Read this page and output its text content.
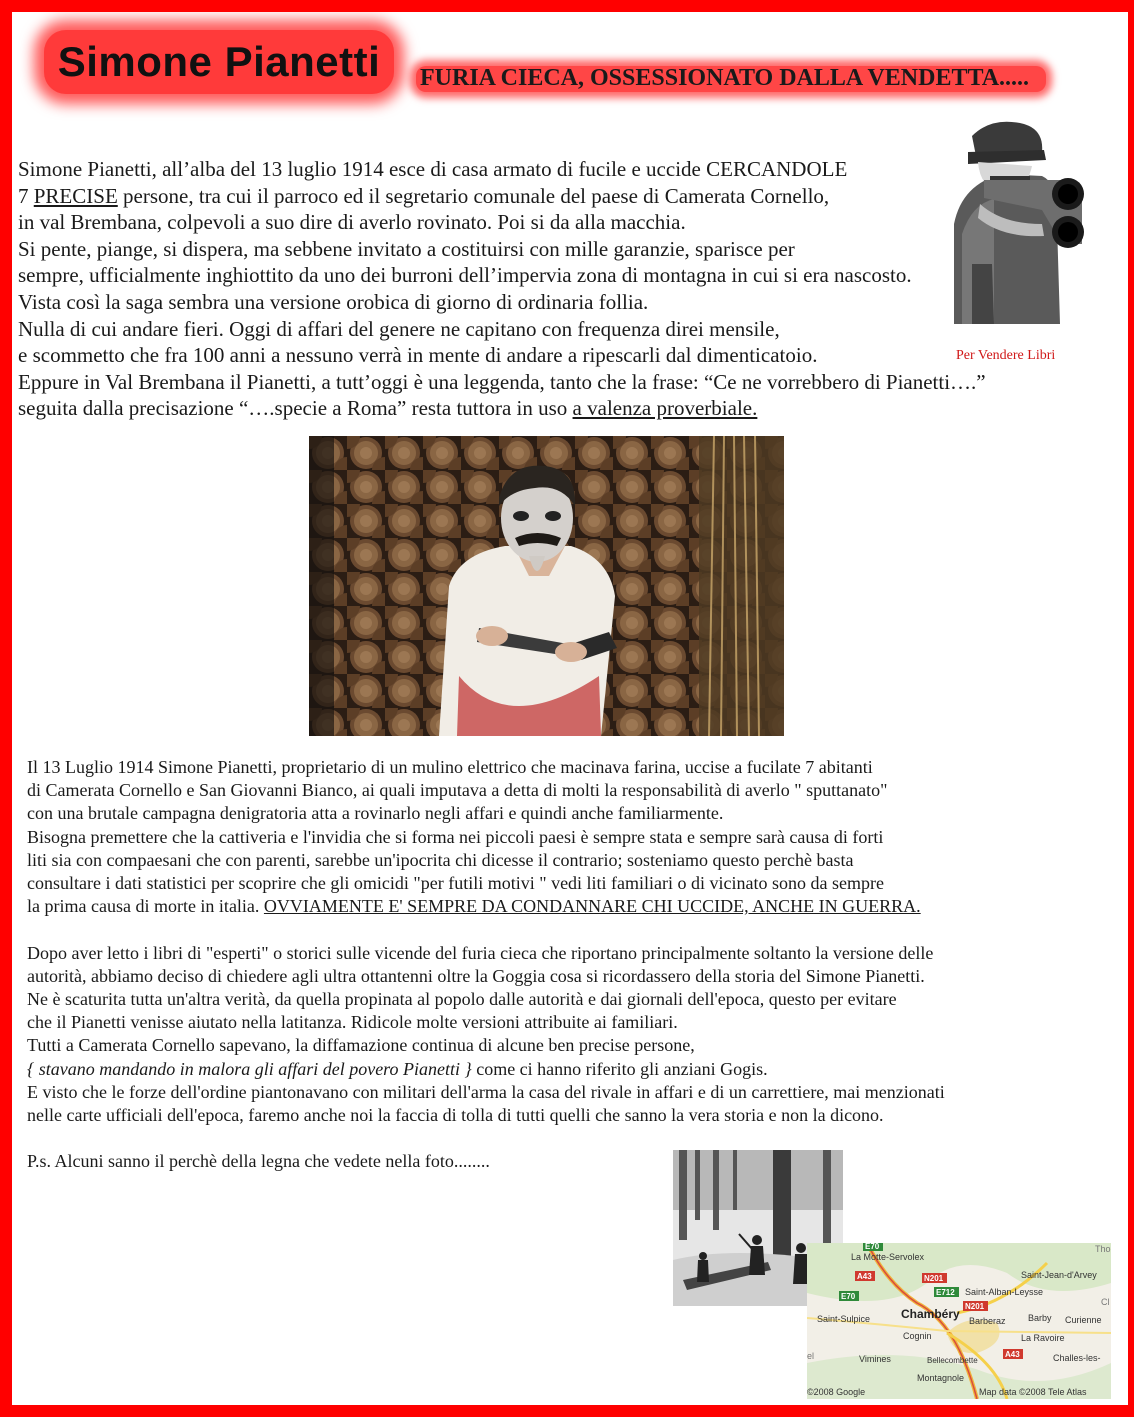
Simone Pianetti FURIA CIECA, OSSESSIONATO DALLA VENDETTA.....
Simone Pianetti, all’alba del 13 luglio 1914 esce di casa armato di fucile e uccide CERCANDOLE
7 PRECISE persone, tra cui il parroco ed il segretario comunale del paese di Camerata Cornello,
in val Brembana, colpevoli a suo dire di averlo rovinato. Poi si da alla macchia.
Si pente, piange, si dispera, ma sebbene invitato a costituirsi con mille garanzie, sparisce per
sempre, ufficialmente inghiottito da uno dei burroni dell’impervia zona di montagna in cui si era nascosto.
Vista così la saga sembra una versione orobica di giorno di ordinaria follia.
Nulla di cui andare fieri. Oggi di affari del genere ne capitano con frequenza direi mensile,
e scommetto che fra 100 anni a nessuno verrà in mente di andare a ripescarli dal dimenticatoio.
Eppure in Val Brembana il Pianetti, a tutt’oggi è una leggenda, tanto che la frase: “Ce ne vorrebbero di Pianetti….”
seguita dalla precisazione “….specie a Roma” resta tuttora in uso a valenza proverbiale.
Per Vendere Libri
Il 13 Luglio 1914 Simone Pianetti, proprietario di un mulino elettrico che macinava farina, uccise a fucilate 7 abitanti
di Camerata Cornello e San Giovanni Bianco, ai quali imputava a detta di molti la responsabilità di averlo " sputtanato"
con una brutale campagna denigratoria atta a rovinarlo negli affari e quindi anche familiarmente.
Bisogna premettere che la cattiveria e l'invidia che si forma nei piccoli paesi è sempre stata e sempre sarà causa di forti
liti sia con compaesani che con parenti, sarebbe un'ipocrita chi dicesse il contrario; sosteniamo questo perchè basta
consultare i dati statistici per scoprire che gli omicidi "per futili motivi " vedi liti familiari o di vicinato sono da sempre
la prima causa di morte in italia. OVVIAMENTE E' SEMPRE DA CONDANNARE CHI UCCIDE, ANCHE IN GUERRA.
Dopo aver letto i libri di "esperti" o storici sulle vicende del furia cieca che riportano principalmente soltanto la versione delle
autorità, abbiamo deciso di chiedere agli ultra ottantenni oltre la Goggia cosa si ricordassero della storia del Simone Pianetti.
Ne è scaturita tutta un'altra verità, da quella propinata al popolo dalle autorità e dai giornali dell'epoca, questo per evitare
che il Pianetti venisse aiutato nella latitanza. Ridicole molte versioni attribuite ai familiari.
Tutti a Camerata Cornello sapevano, la diffamazione continua di alcune ben precise persone,
{ stavano mandando in malora gli affari del povero Pianetti } come ci hanno riferito gli anziani Gogis.
E visto che le forze dell'ordine piantonavano con militari dell'arma la casa del rivale in affari e di un carrettiere, mai menzionati
nelle carte ufficiali dell'epoca, faremo anche noi la faccia di tolla di tutti quelli che sanno la vera storia e non la dicono.
P.s. Alcuni sanno il perchè della legna che vedete nella foto........
La Motte-Servolex
Saint-Jean-d'Arvey
Saint-Alban-Leysse
Chambéry
Saint-Sulpice	Barberaz Barby Curienne
Cognin	La Ravoire
Vimines	Bellecombette	Challes-les-
Montagnole
Tho
Cl
el
E70
A43	N201
E712
E70
N201
A43
©2008 Google	Map data ©2008 Tele Atlas
